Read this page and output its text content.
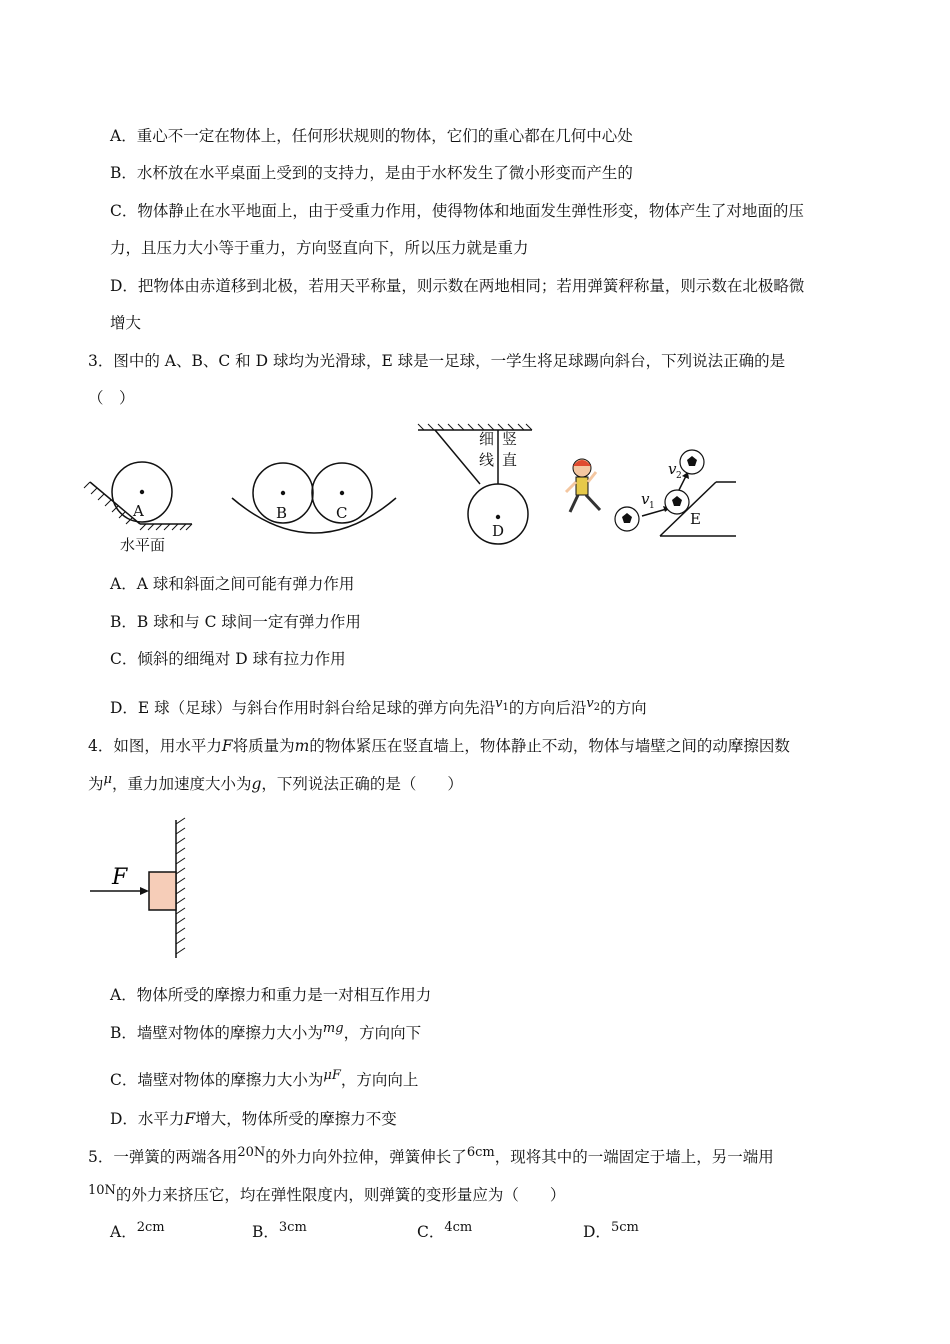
A．重心不一定在物体上，任何形状规则的物体，它们的重心都在几何中心处
B．水杯放在水平桌面上受到的支持力，是由于水杯发生了微小形变而产生的
C．物体静止在水平地面上，由于受重力作用，使得物体和地面发生弹性形变，物体产生了对地面的压
力，且压力大小等于重力，方向竖直向下，所以压力就是重力
D．把物体由赤道移到北极，若用天平称量，则示数在两地相同；若用弹簧秤称量，则示数在北极略微
增大
3．图中的 A、B、C 和 D 球均为光滑球，E 球是一足球，一学生将足球踢向斜台，下列说法正确的是
（　）
A
水平面
B	C
细
线
竖
直
D
v 1
v 2
E
A．A 球和斜面之间可能有弹力作用
B．B 球和与 C 球间一定有弹力作用
C．倾斜的细绳对 D 球有拉力作用
D．E 球（足球）与斜台作用时斜台给足球的弹方向先沿$^{v_1}$的方向后沿$^{v_2}$的方向
4．如图，用水平力F将质量为m的物体紧压在竖直墙上，物体静止不动，物体与墙壁之间的动摩擦因数
为$^\mu$，重力加速度大小为g，下列说法正确的是（　　）
F
A．物体所受的摩擦力和重力是一对相互作用力
B．墙壁对物体的摩擦力大小为$^{mg}$，方向向下
C．墙壁对物体的摩擦力大小为$^{\mu F}$，方向向上
D．水平力F增大，物体所受的摩擦力不变
5．一弹簧的两端各用$^{20N}$的外力向外拉伸，弹簧伸长了$^{6cm}$，现将其中的一端固定于墙上，另一端用
$^{10N}$的外力来挤压它，均在弹性限度内，则弹簧的变形量应为（　　）
A．$^{2cm}$	B．$^{3cm}$	C．$^{4cm}$	D．$^{5cm}$
